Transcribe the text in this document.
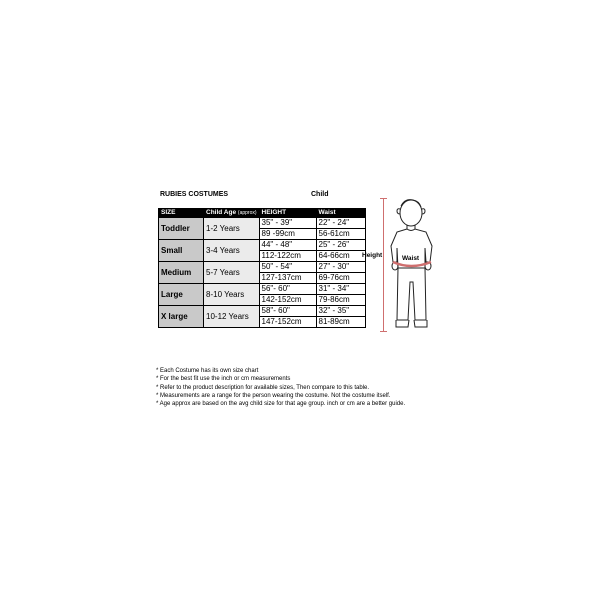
RUBIES COSTUMES	Child
SIZE	Child Age (approx)	HEIGHT	Waist
Toddler	1-2 Years	35" - 39"	22" - 24"
		89 -99cm	56-61cm
Small	3-4 Years	44" - 48"	25" - 26"
		112-122cm	64-66cm
Medium	5-7 Years	50" - 54"	27" - 30"
		127-137cm	69-76cm
Large	8-10 Years	56"- 60"	31" - 34"
		142-152cm	79-86cm
X large	10-12 Years	58"- 60"	32" - 35"
		147-152cm	81-89cm
* Each Costume has its own size chart
* For the best fit use the inch or cm measurements
* Refer to the product description for available sizes, Then compare to this table.
* Measurements are a range for the person wearing the costume. Not the costume itself.
* Age approx are based on the avg child size for that age group. inch or cm are a better guide.
Height	Waist
